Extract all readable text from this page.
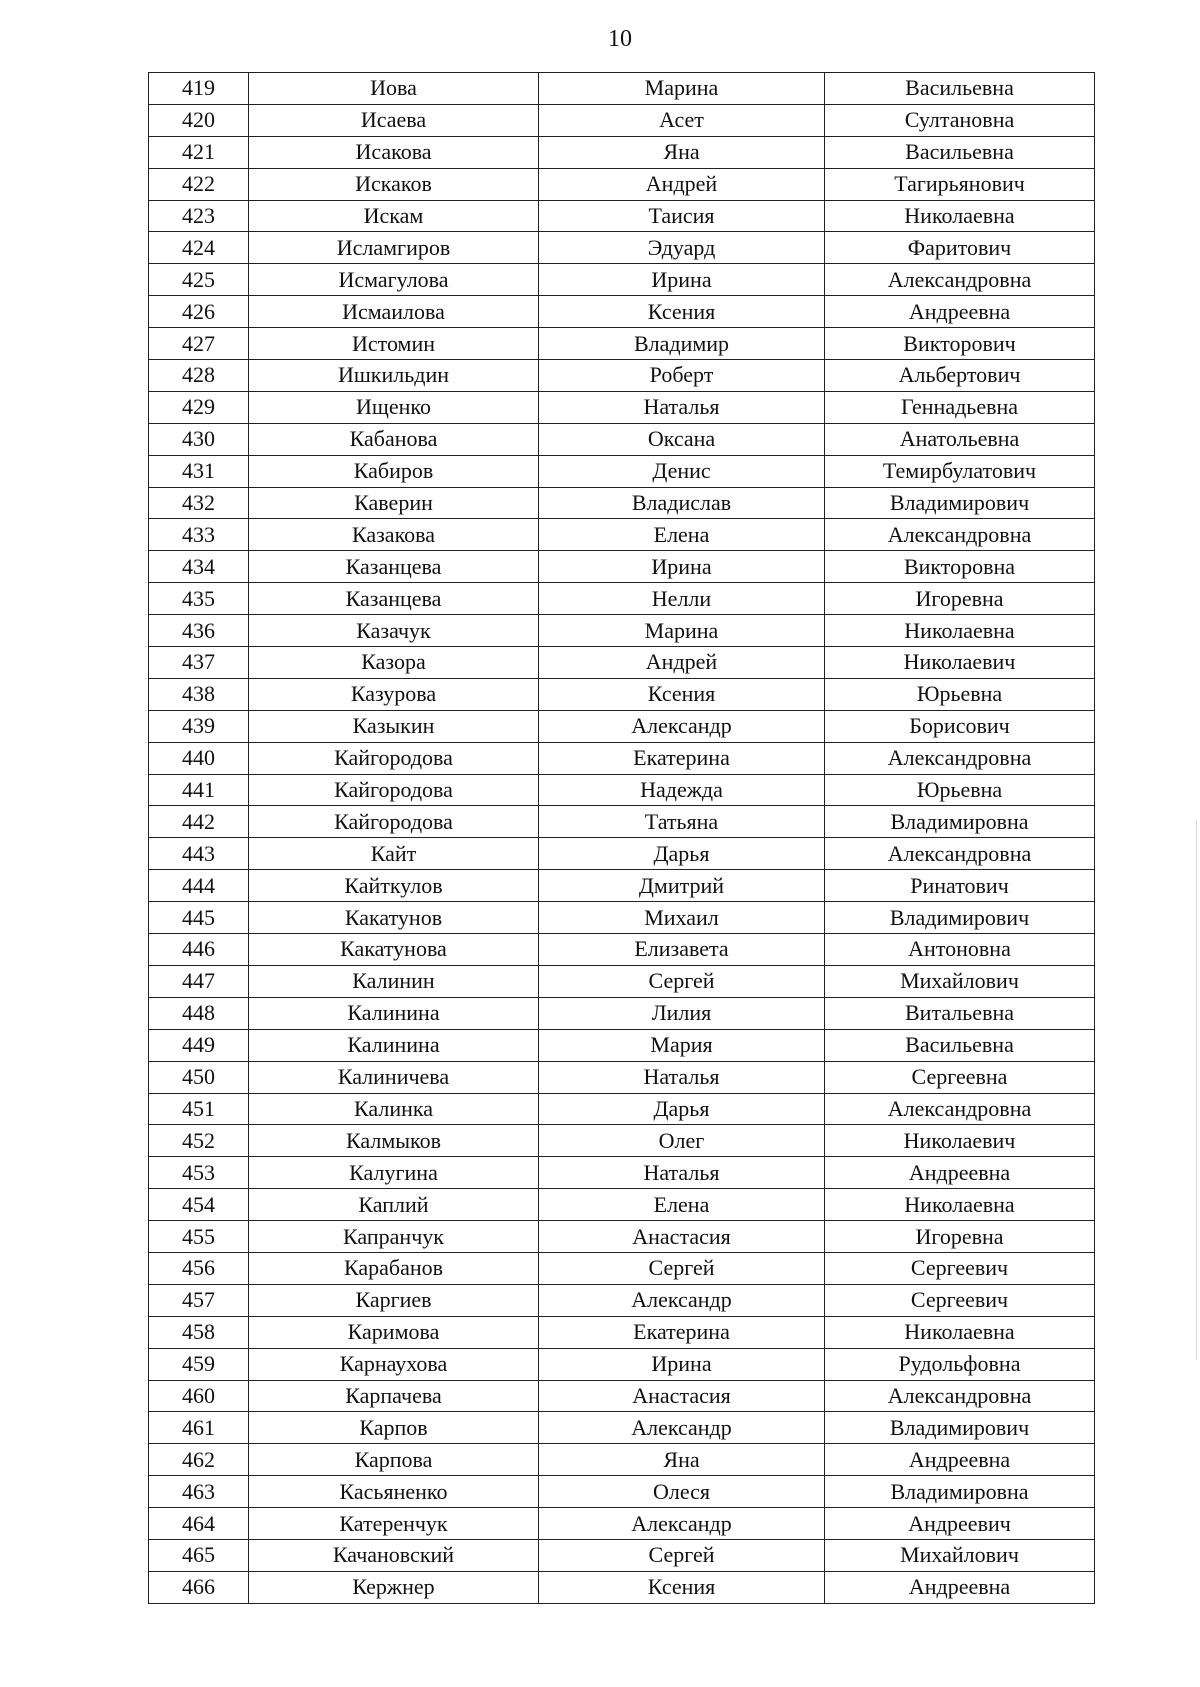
10
419	Иова	Марина	Васильевна
420	Исаева	Асет	Султановна
421	Исакова	Яна	Васильевна
422	Искаков	Андрей	Тагирьянович
423	Искам	Таисия	Николаевна
424	Исламгиров	Эдуард	Фаритович
425	Исмагулова	Ирина	Александровна
426	Исмаилова	Ксения	Андреевна
427	Истомин	Владимир	Викторович
428	Ишкильдин	Роберт	Альбертович
429	Ищенко	Наталья	Геннадьевна
430	Кабанова	Оксана	Анатольевна
431	Кабиров	Денис	Темирбулатович
432	Каверин	Владислав	Владимирович
433	Казакова	Елена	Александровна
434	Казанцева	Ирина	Викторовна
435	Казанцева	Нелли	Игоревна
436	Казачук	Марина	Николаевна
437	Казора	Андрей	Николаевич
438	Казурова	Ксения	Юрьевна
439	Казыкин	Александр	Борисович
440	Кайгородова	Екатерина	Александровна
441	Кайгородова	Надежда	Юрьевна
442	Кайгородова	Татьяна	Владимировна
443	Кайт	Дарья	Александровна
444	Кайткулов	Дмитрий	Ринатович
445	Какатунов	Михаил	Владимирович
446	Какатунова	Елизавета	Антоновна
447	Калинин	Сергей	Михайлович
448	Калинина	Лилия	Витальевна
449	Калинина	Мария	Васильевна
450	Калиничева	Наталья	Сергеевна
451	Калинка	Дарья	Александровна
452	Калмыков	Олег	Николаевич
453	Калугина	Наталья	Андреевна
454	Каплий	Елена	Николаевна
455	Капранчук	Анастасия	Игоревна
456	Карабанов	Сергей	Сергеевич
457	Каргиев	Александр	Сергеевич
458	Каримова	Екатерина	Николаевна
459	Карнаухова	Ирина	Рудольфовна
460	Карпачева	Анастасия	Александровна
461	Карпов	Александр	Владимирович
462	Карпова	Яна	Андреевна
463	Касьяненко	Олеся	Владимировна
464	Катеренчук	Александр	Андреевич
465	Качановский	Сергей	Михайлович
466	Кержнер	Ксения	Андреевна
